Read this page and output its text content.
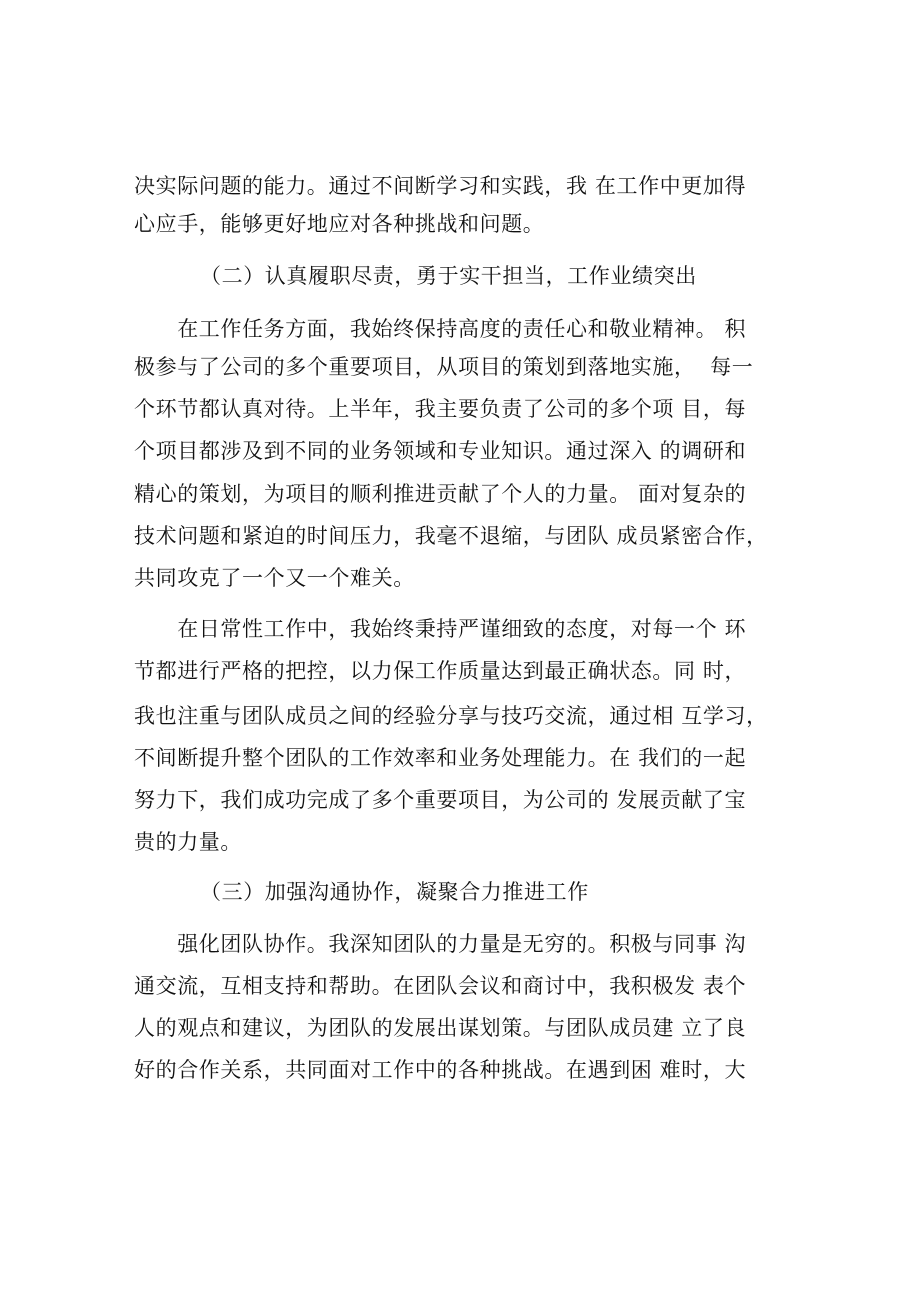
决实际问题的能力。通过不间断学习和实践，我 在工作中更加得
心应手，能够更好地应对各种挑战和问题。
（二）认真履职尽责，勇于实干担当，工作业绩突出
　　在工作任务方面，我始终保持高度的责任心和敬业精神。 积
极参与了公司的多个重要项目，从项目的策划到落地实施，  每一
个环节都认真对待。上半年，我主要负责了公司的多个项 目，每
个项目都涉及到不同的业务领域和专业知识。通过深入 的调研和
精心的策划，为项目的顺利推进贡献了个人的力量。 面对复杂的
技术问题和紧迫的时间压力，我毫不退缩，与团队 成员紧密合作，
共同攻克了一个又一个难关。
　　在日常性工作中，我始终秉持严谨细致的态度，对每一个 环
节都进行严格的把控，以力保工作质量达到最正确状态。同 时，
我也注重与团队成员之间的经验分享与技巧交流，通过相 互学习，
不间断提升整个团队的工作效率和业务处理能力。在 我们的一起
努力下，我们成功完成了多个重要项目，为公司的 发展贡献了宝
贵的力量。
（三）加强沟通协作，凝聚合力推进工作
　　强化团队协作。我深知团队的力量是无穷的。积极与同事 沟
通交流，互相支持和帮助。在团队会议和商讨中，我积极发 表个
人的观点和建议，为团队的发展出谋划策。与团队成员建 立了良
好的合作关系，共同面对工作中的各种挑战。在遇到困 难时，大
